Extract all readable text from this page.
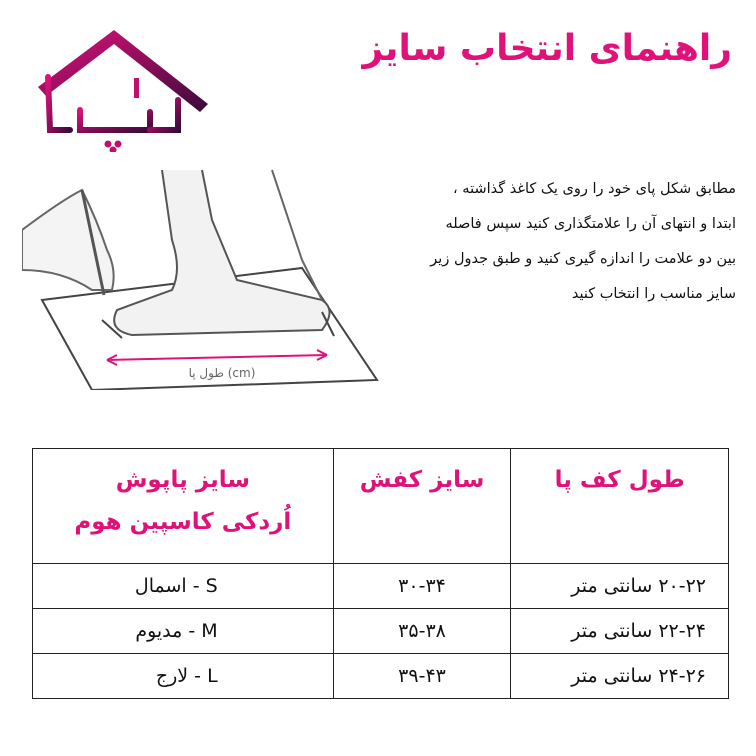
راهنمای انتخاب سایز
طول پا (cm)
مطابق شکل پای خود را روی یک کاغذ گذاشته ،
ابتدا و انتهای آن را علامتگذاری کنید سپس فاصله
بین دو علامت را اندازه گیری کنید و طبق جدول زیر
سایز مناسب را انتخاب کنید
طول کف پا	سایز کفش	سایز پاپوش
اُردکی کاسپین هوم

۲۰-۲۲ سانتی متر	۳۰-۳۴	S - اسمال
۲۲-۲۴ سانتی متر	۳۵-۳۸	M - مدیوم
۲۴-۲۶ سانتی متر	۳۹-۴۳	L - لارج
